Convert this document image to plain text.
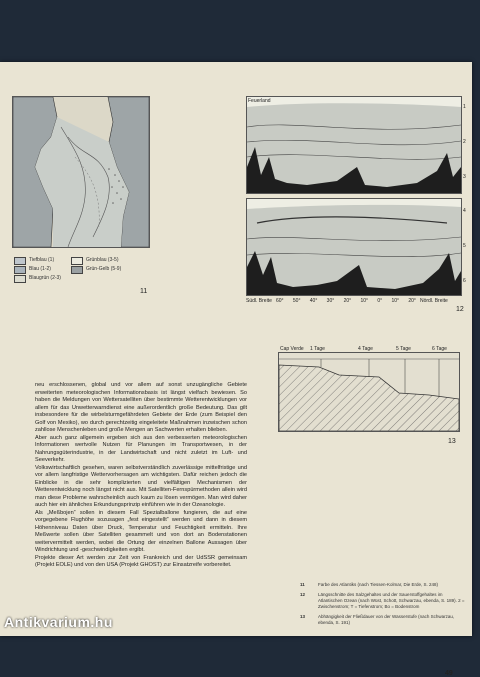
Tiefblau (1)
Blau (1-2)
Blaugrün (2-3)
Grünblau (3-5)
Grün-Gelb (5-9)
11
Feuerland
Südl. Breite	Nördl. Breite
60° 50° 40° 30° 20° 10° 0° 10° 20°
1
2
3
4
5
6
12
Cap Verde 1 Tage	4 Tage	5 Tage	6 Tage
13

neu erschlossenen, global und vor allem auf sonst unzugängliche Gebiete erweiterten meteorologischen Informationsbasis ist längst vielfach bewiesen. So haben die Meldungen von Wettersatelliten über bestimmte Wetterentwicklungen vor allem für das Unwetterwarndienst eine außerordentlich große Bedeutung. Das gilt insbesondere für die wirbelsturmgefährdeten Gebiete der Erde (zum Beispiel den Golf von Mexiko), wo durch gerechtzeitig eingeleitete Maßnahmen inzwischen schon zahllose Menschenleben und große Mengen an Sachwerten erhalten blieben.

Aber auch ganz allgemein ergeben sich aus den verbesserten meteorologischen Informationen wertvolle Nutzen für Planungen im Transportwesen, in der Nahrungsgüterindustrie, in der Landwirtschaft und nicht zuletzt im Luft- und Seeverkehr.

Volkswirtschaftlich gesehen, waren selbstverständlich zuverlässige mittelfristige und vor allem langfristige Wettervorhersagen am wichtigsten. Dafür reichen jedoch die Einblicke in die sehr komplizierten und vielfältigen Mechanismen der Wetterentwicklung noch längst nicht aus. Mit Satelliten-Fernspürmethoden allein wird man diese Probleme wahrscheinlich auch kaum zu lösen vermögen. Man wird daher auch hier ein ähnliches Erkundungsprinzip einführen wie in der Ozeanologie.

Als „Meßbojen“ sollen in diesem Fall Spezialballone fungieren, die auf eine vorgegebene Flughöhe sozusagen „fest eingestellt“ werden und dann in diesem Höhenniveau Daten über Druck, Temperatur und Feuchtigkeit ermitteln. Ihre Meßwerte sollen über Satelliten gesammelt und von dort an Bodenstationen weitervermittelt werden, wobei die Ortung der einzelnen Ballone Aussagen über Windrichtung und -geschwindigkeiten ergibt.

Projekte dieser Art werden zur Zeit von Frankreich und der UdSSR gemeinsam (Projekt EOLE) und von den USA (Projekt GHOST) zur Einsatzreife vorbereitet.

11	Farbe des Atlantiks (nach Tiessen-Kolmar, Die Erde, S. 248)
12	Längsschnitte des Salzgehaltes und der Sauerstoffgehaltes im Atlantischen Ozean (nach Wüst, Schott, Schwarzau, ebenda, S. 189). 2 = Zwischenstrom; T = Tiefenstrom; Bo = Bodenstrom
13	Abhängigkeit der Fließdauer von der Wasserstufe (nach Schwarzau, ebenda, S. 191)
49
Antikvarium.hu
